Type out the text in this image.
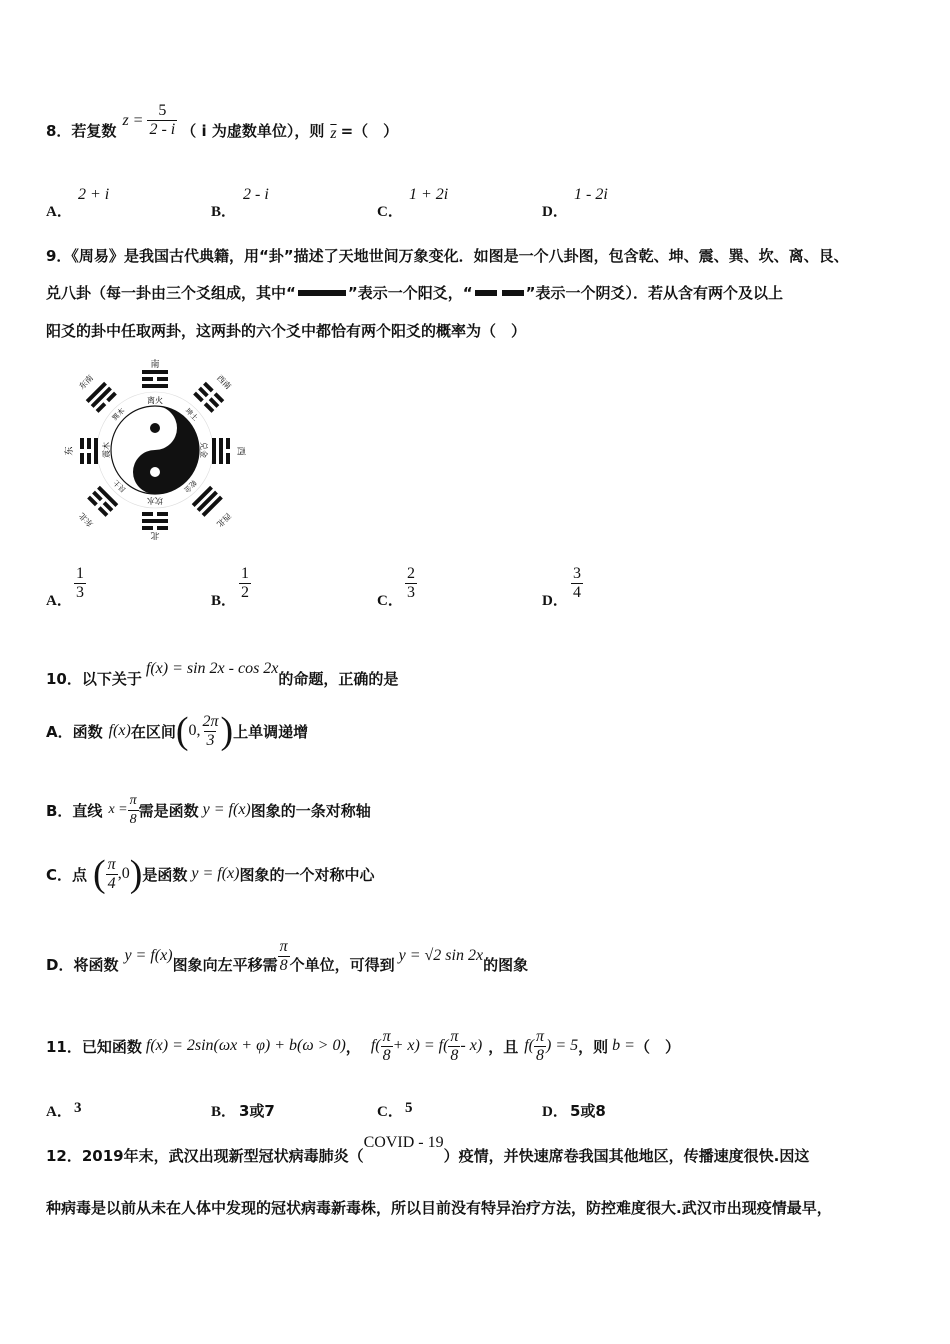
8．若复数
$z = \frac{5}{2 - i}$ （ i 为虚数单位），则 $\overline{z}$ =（　）
A．
2 + i
B．
2 - i
C．
1 + 2i
D．
1 - 2i
9．《周易》是我国古代典籍，用“卦”描述了天地世间万象变化．如图是一个八卦图，包含乾、坤、震、巽、坎、离、艮、
兑八卦（每一卦由三个爻组成，其中“	”表示一个阳爻，“	”表示一个阴爻）．若从含有两个及以上
阳爻的卦中任取两卦，这两卦的六个爻中都恰有两个阳爻的概率为（　）
南
北
东	西
东南	西南
东北	西北
离火
坎水
震木	兑金
巽木	坤土
艮土	乾金
A． $\frac{1}{3}$	B． $\frac{1}{2}$	C． $\frac{2}{3}$	D． $\frac{3}{4}$
10．以下关于
f(x) = sin 2x - cos 2x
的命题，正确的是
A．函数 f(x) 在区间 ( 0, $\frac{2\pi}{3}$ ) 上单调递增
B．直线 $x = \frac{\pi}{8}$ 需是函数 y = f(x) 图象的一条对称轴
C．点 ( $\frac{\pi}{4} ,0$ ) 是函数 y = f(x) 图象的一个对称中心
D．将函数 y = f(x) 图象向左平移需 $\frac{\pi}{8}$ 个单位，可得到 y = √2 sin 2x 的图象
11．已知函数 f(x) = 2sin(ωx + φ) + b(ω > 0) ， $f( \frac{\pi}{8} + x) = f( \frac{\pi}{8} - x)$ ，且 $f( \frac{\pi}{8}$ ) = 5 ，则 b = （　）
A． 3	B． 3或7	C． 5	D． 5或8
12．2019年末，武汉出现新型冠状病毒肺炎（
COVID - 19
）疫情，并快速席卷我国其他地区，传播速度很快.因这
种病毒是以前从未在人体中发现的冠状病毒新毒株，所以目前没有特异治疗方法，防控难度很大.武汉市出现疫情最早，
